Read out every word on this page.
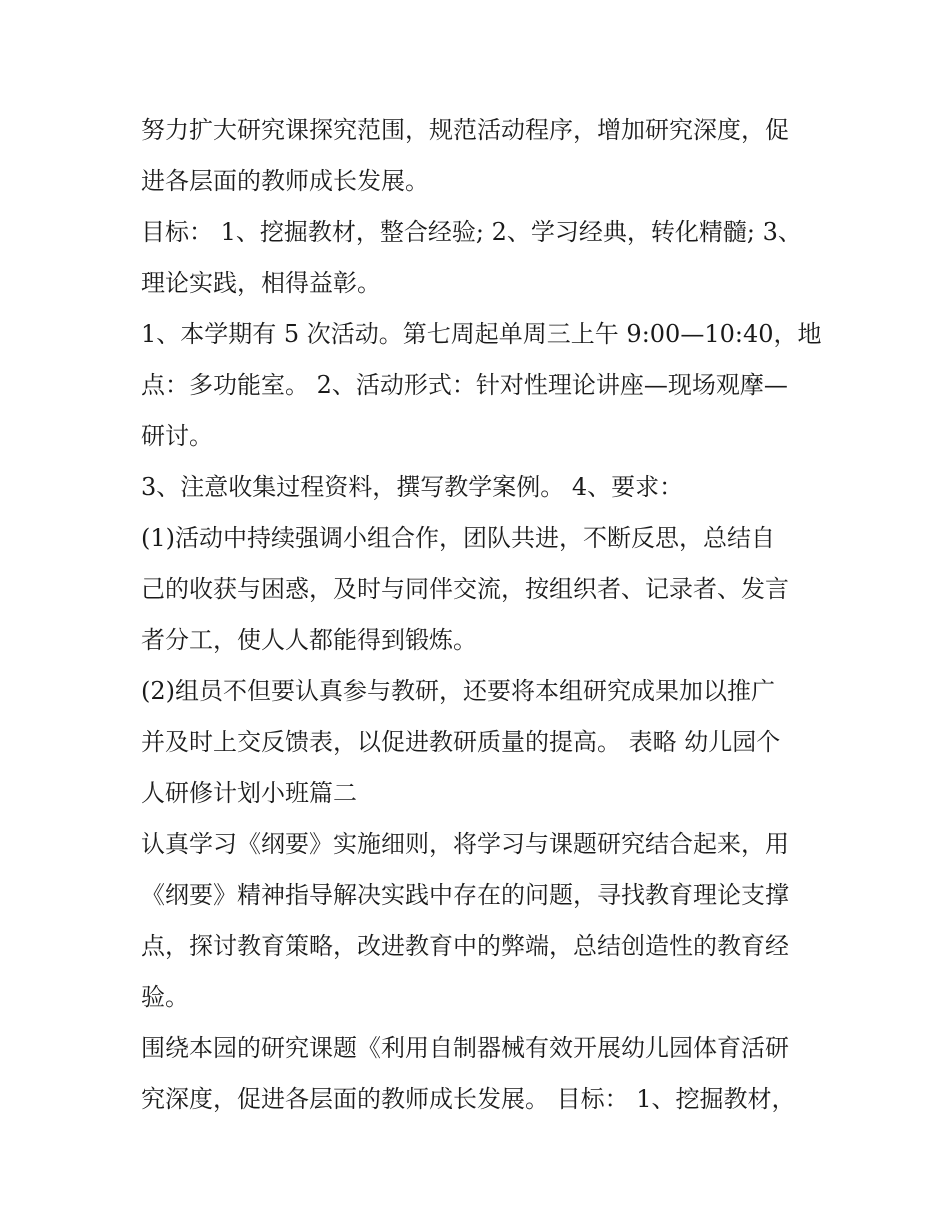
努力扩大研究课探究范围，规范活动程序，增加研究深度，促
进各层面的教师成长发展。
目标： 1、挖掘教材，整合经验; 2、学习经典，转化精髓; 3、
理论实践，相得益彰。
1、本学期有 5 次活动。第七周起单周三上午 9:00—10:40，地
点：多功能室。 2、活动形式：针对性理论讲座—现场观摩—
研讨。
3、注意收集过程资料，撰写教学案例。 4、要求：
(1)活动中持续强调小组合作，团队共进，不断反思，总结自
己的收获与困惑，及时与同伴交流，按组织者、记录者、发言
者分工，使人人都能得到锻炼。
(2)组员不但要认真参与教研，还要将本组研究成果加以推广
并及时上交反馈表，以促进教研质量的提高。 表略 幼儿园个
人研修计划小班篇二
认真学习《纲要》实施细则，将学习与课题研究结合起来，用
《纲要》精神指导解决实践中存在的问题，寻找教育理论支撑
点，探讨教育策略，改进教育中的弊端，总结创造性的教育经
验。
围绕本园的研究课题《利用自制器械有效开展幼儿园体育活研
究深度，促进各层面的教师成长发展。 目标： 1、挖掘教材，
